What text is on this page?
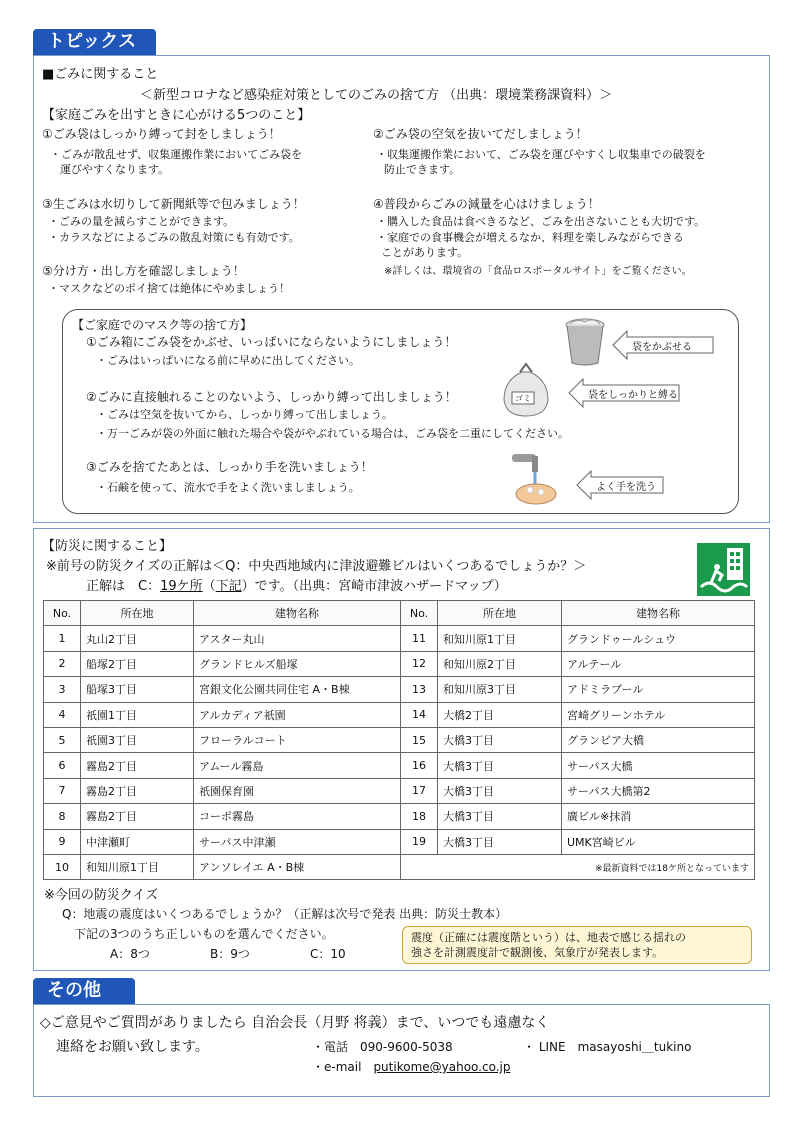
トピックス
■ごみに関すること
＜新型コロナなど感染症対策としてのごみの捨て方 （出典：環境業務課資料）＞
【家庭ごみを出すときに心がける5つのこと】
①ごみ袋はしっかり縛って封をしましょう！
・ごみが散乱せず、収集運搬作業においてごみ袋を
運びやすくなります。
②ごみ袋の空気を抜いてだしましょう！
・収集運搬作業において、ごみ袋を運びやすくし収集車での破裂を
防止できます。
③生ごみは水切りして新聞紙等で包みましょう！
・ごみの量を減らすことができます。
・カラスなどによるごみの散乱対策にも有効です。
④普段からごみの減量を心はけましょう！
・購入した食品は食べきるなど、ごみを出さないことも大切です。
・家庭での食事機会が増えるなか、料理を楽しみながらできる
ことがあります。
※詳しくは、環境省の「食品ロスポータルサイト」をご覧ください。
⑤分け方・出し方を確認しましょう！
・マスクなどのポイ捨ては絶体にやめましょう！
【ご家庭でのマスク等の捨て方】
①ごみ箱にごみ袋をかぶせ、いっぱいにならないようにしましょう！
・ごみはいっぱいになる前に早めに出してください。
②ごみに直接触れることのないよう、しっかり縛って出しましょう！
・ごみは空気を抜いてから、しっかり縛って出しましょう。
・万一ごみが袋の外面に触れた場合や袋がやぶれている場合は、ごみ袋を二重にしてください。
③ごみを捨てたあとは、しっかり手を洗いましょう！
・石鹸を使って、流水で手をよく洗いましましょう。
ゴミ
袋をかぶせる
袋をしっかりと縛る
よく手を洗う
【防災に関すること】
※前号の防災クイズの正解は＜Q：中央西地域内に津波避難ビルはいくつあるでしょうか？＞
正解は　C：19ケ所（下記）です。（出典：宮崎市津波ハザードマップ）
No.	所在地	建物名称	No.	所在地	建物名称
1	丸山2丁目	アスター丸山	11	和知川原1丁目	グランドゥールシュウ
2	船塚2丁目	グランドヒルズ船塚	12	和知川原2丁目	アルテール
3	船塚3丁目	宮銀文化公園共同住宅 A・B棟	13	和知川原3丁目	アドミラブール
4	祇園1丁目	アルカディア祇園	14	大橋2丁目	宮崎グリーンホテル
5	祇園3丁目	フローラルコート	15	大橋3丁目	グランビア大橋
6	霧島2丁目	アムール霧島	16	大橋3丁目	サーパス大橋
7	霧島2丁目	祇園保育園	17	大橋3丁目	サーパス大橋第2
8	霧島2丁目	コーポ霧島	18	大橋3丁目	廣ビル※抹消
9	中津瀬町	サーパス中津瀬	19	大橋3丁目	UMK宮崎ビル
10	和知川原1丁目	アンソレイエ A・B棟	※最新資料では18ケ所となっています		
※今回の防災クイズ
Q：地震の震度はいくつあるでしょうか？（正解は次号で発表 出典：防災士教本）
下記の3つのうち正しいものを選んでください。
A：8つ	B：9つ	C：10
震度（正確には震度階という）は、地表で感じる揺れの
強さを計測震度計で観測後、気象庁が発表します。
その他
◇ご意見やご質問がありましたら 自治会長（月野 将義）まで、いつでも遠慮なく
連絡をお願い致します。	・電話　090-9600-5038	・ LINE　masayoshi＿tukino
・e-mail　putikome@yahoo.co.jp
